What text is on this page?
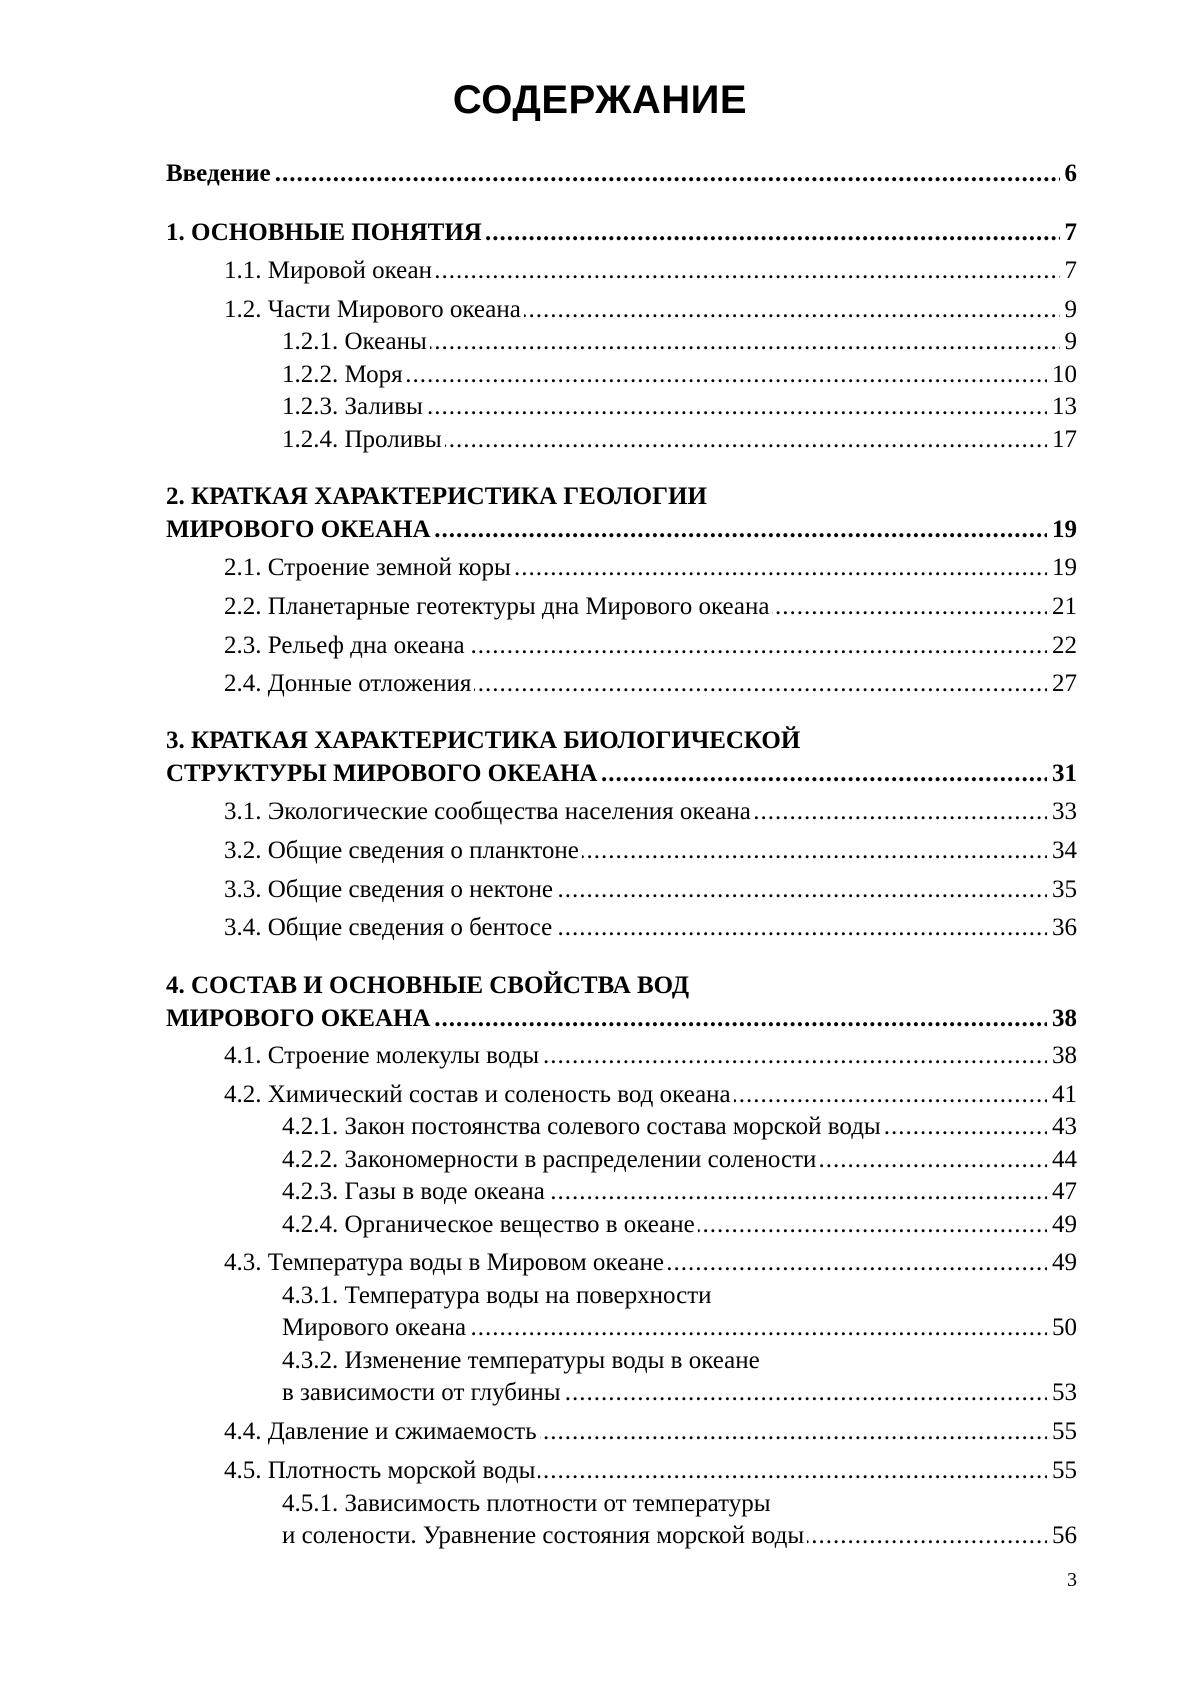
СОДЕРЖАНИЕ
.............................................................................................................................
Введение	6
.............................................................................................................................
1. ОСНОВНЫЕ ПОНЯТИЯ	7
......................................................................................................................
1.1. Мировой океан	7
......................................................................................................................
1.2. Части Мирового океана	9
...........................................................................................................
1.2.1. Океаны	9
..........................................................................................................
1.2.2. Моря	10
..........................................................................................................
1.2.3. Заливы	13
..........................................................................................................
1.2.4. Проливы	17
2. КРАТКАЯ ХАРАКТЕРИСТИКА ГЕОЛОГИИ
.............................................................................................................................
МИРОВОГО ОКЕАНА	19
.................................................................................................................
2.1. Строение земной коры	19
2.2. Планетарные геотектуры дна Мирового океана	21
.................................................................................................................
2.3. Рельеф дна океана	22
.................................................................................................................
2.4. Донные отложения	27
3. КРАТКАЯ ХАРАКТЕРИСТИКА БИОЛОГИЧЕСКОЙ
...........................................................................
СТРУКТУРЫ МИРОВОГО ОКЕАНА	31
3.1. Экологические сообщества населения океана	33
.................................................................................................................
3.2. Общие сведения о планктоне	34
.................................................................................................................
3.3. Общие сведения о нектоне	35
.................................................................................................................
3.4. Общие сведения о бентосе	36
4. СОСТАВ И ОСНОВНЫЕ СВОЙСТВА ВОД
.............................................................................................................................
МИРОВОГО ОКЕАНА	38
.................................................................................................................
4.1. Строение молекулы воды	38
4.2. Химический состав и соленость вод океана	41
4.2.1. Закон постоянства солевого состава морской воды	43
4.2.2. Закономерности в распределении солености	44
..........................................................................................................
4.2.3. Газы в воде океана	47
4.2.4. Органическое вещество в океане	49
4.3. Температура воды в Мировом океане	49
4.3.1. Температура воды на поверхности
..........................................................................................................
Мирового океана	50
4.3.2. Изменение температуры воды в океане
..........................................................................................................
в зависимости от глубины	53
.................................................................................................................
4.4. Давление и сжимаемость	55
.................................................................................................................
4.5. Плотность морской воды	55
4.5.1. Зависимость плотности от температуры
и солености. Уравнение состояния морской воды	56
3
